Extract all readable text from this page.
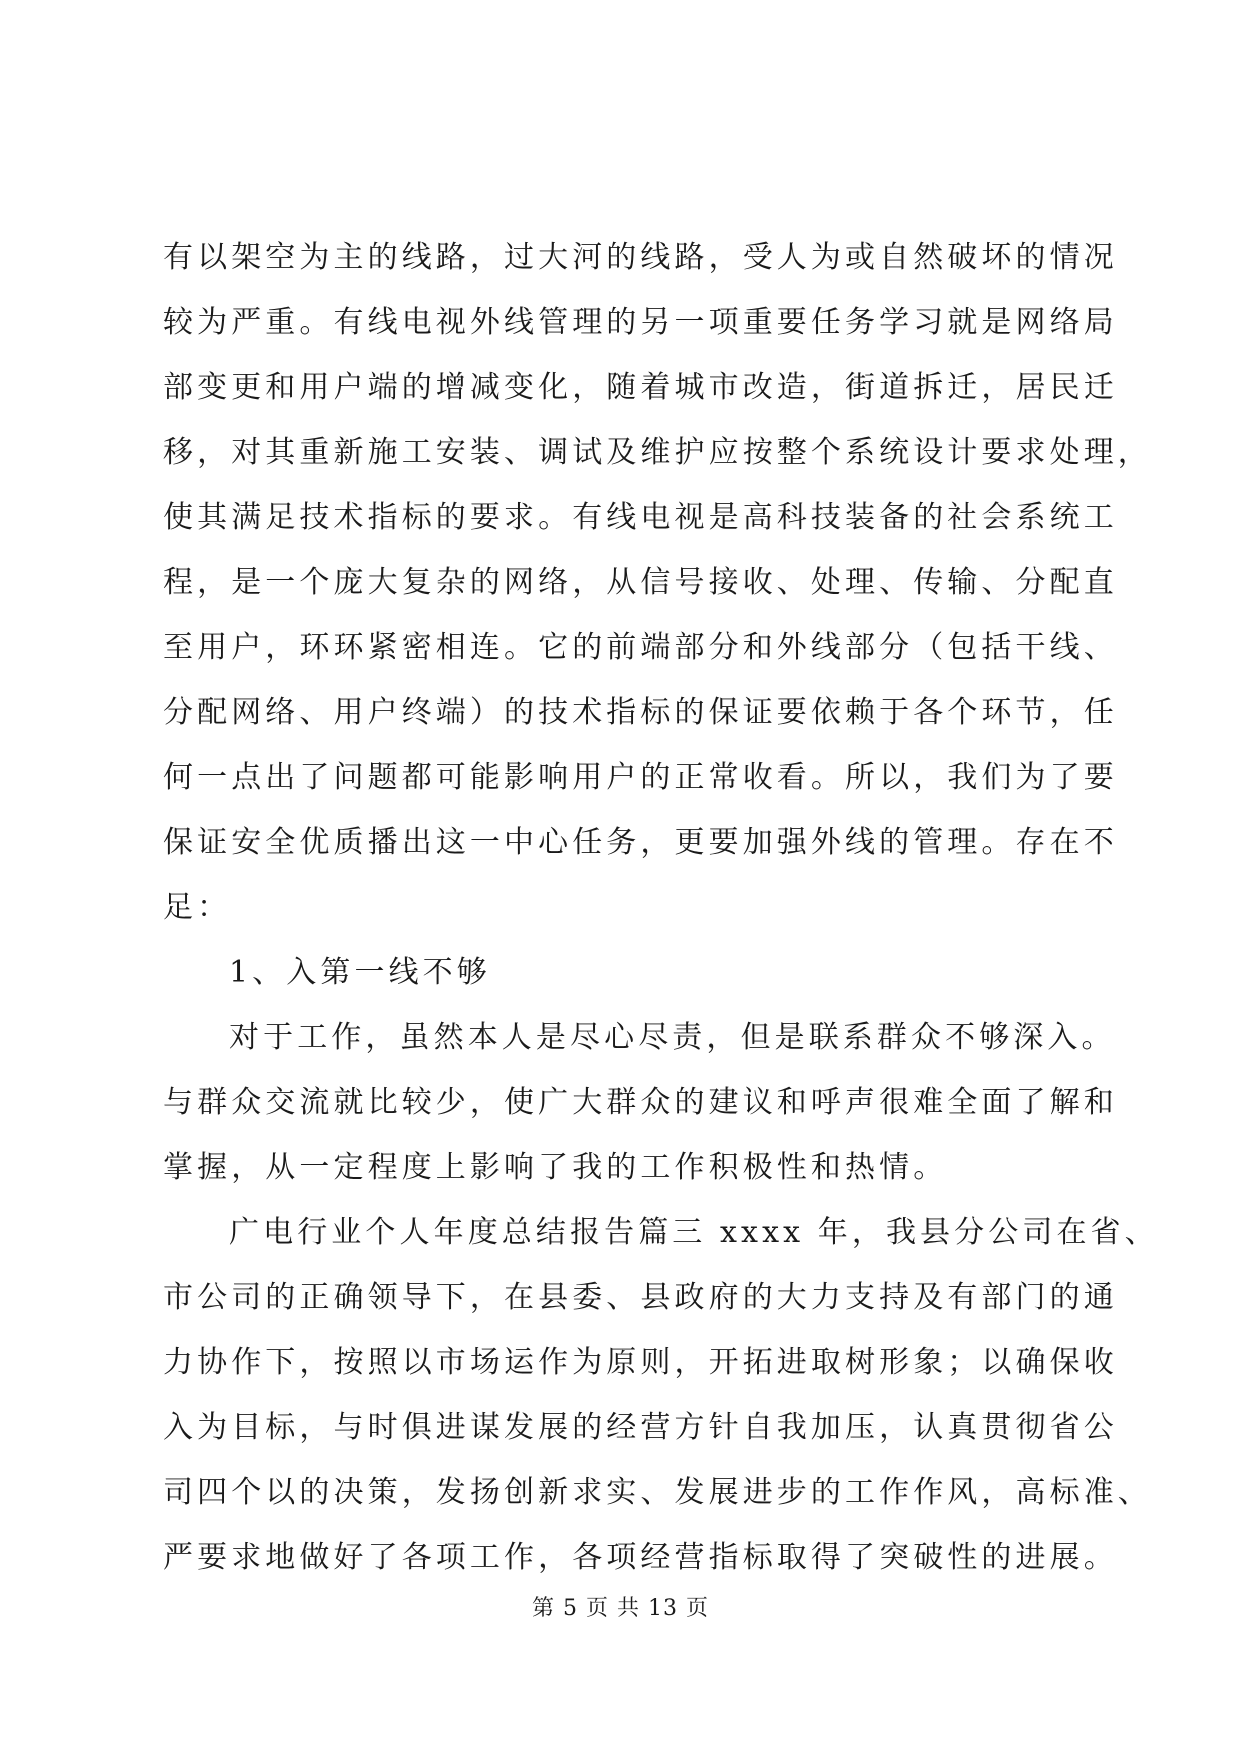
有以架空为主的线路，过大河的线路，受人为或自然破坏的情况
较为严重。有线电视外线管理的另一项重要任务学习就是网络局
部变更和用户端的增减变化，随着城市改造，街道拆迁，居民迁
移，对其重新施工安装、调试及维护应按整个系统设计要求处理，
使其满足技术指标的要求。有线电视是高科技装备的社会系统工
程，是一个庞大复杂的网络，从信号接收、处理、传输、分配直
至用户，环环紧密相连。它的前端部分和外线部分（包括干线、
分配网络、用户终端）的技术指标的保证要依赖于各个环节，任
何一点出了问题都可能影响用户的正常收看。所以，我们为了要
保证安全优质播出这一中心任务，更要加强外线的管理。存在不
足：
1、入第一线不够
对于工作，虽然本人是尽心尽责，但是联系群众不够深入。
与群众交流就比较少，使广大群众的建议和呼声很难全面了解和
掌握，从一定程度上影响了我的工作积极性和热情。
广电行业个人年度总结报告篇三 xxxx 年，我县分公司在省、
市公司的正确领导下，在县委、县政府的大力支持及有部门的通
力协作下，按照以市场运作为原则，开拓进取树形象；以确保收
入为目标，与时俱进谋发展的经营方针自我加压，认真贯彻省公
司四个以的决策，发扬创新求实、发展进步的工作作风，高标准、
严要求地做好了各项工作，各项经营指标取得了突破性的进展。
第 5 页 共 13 页
